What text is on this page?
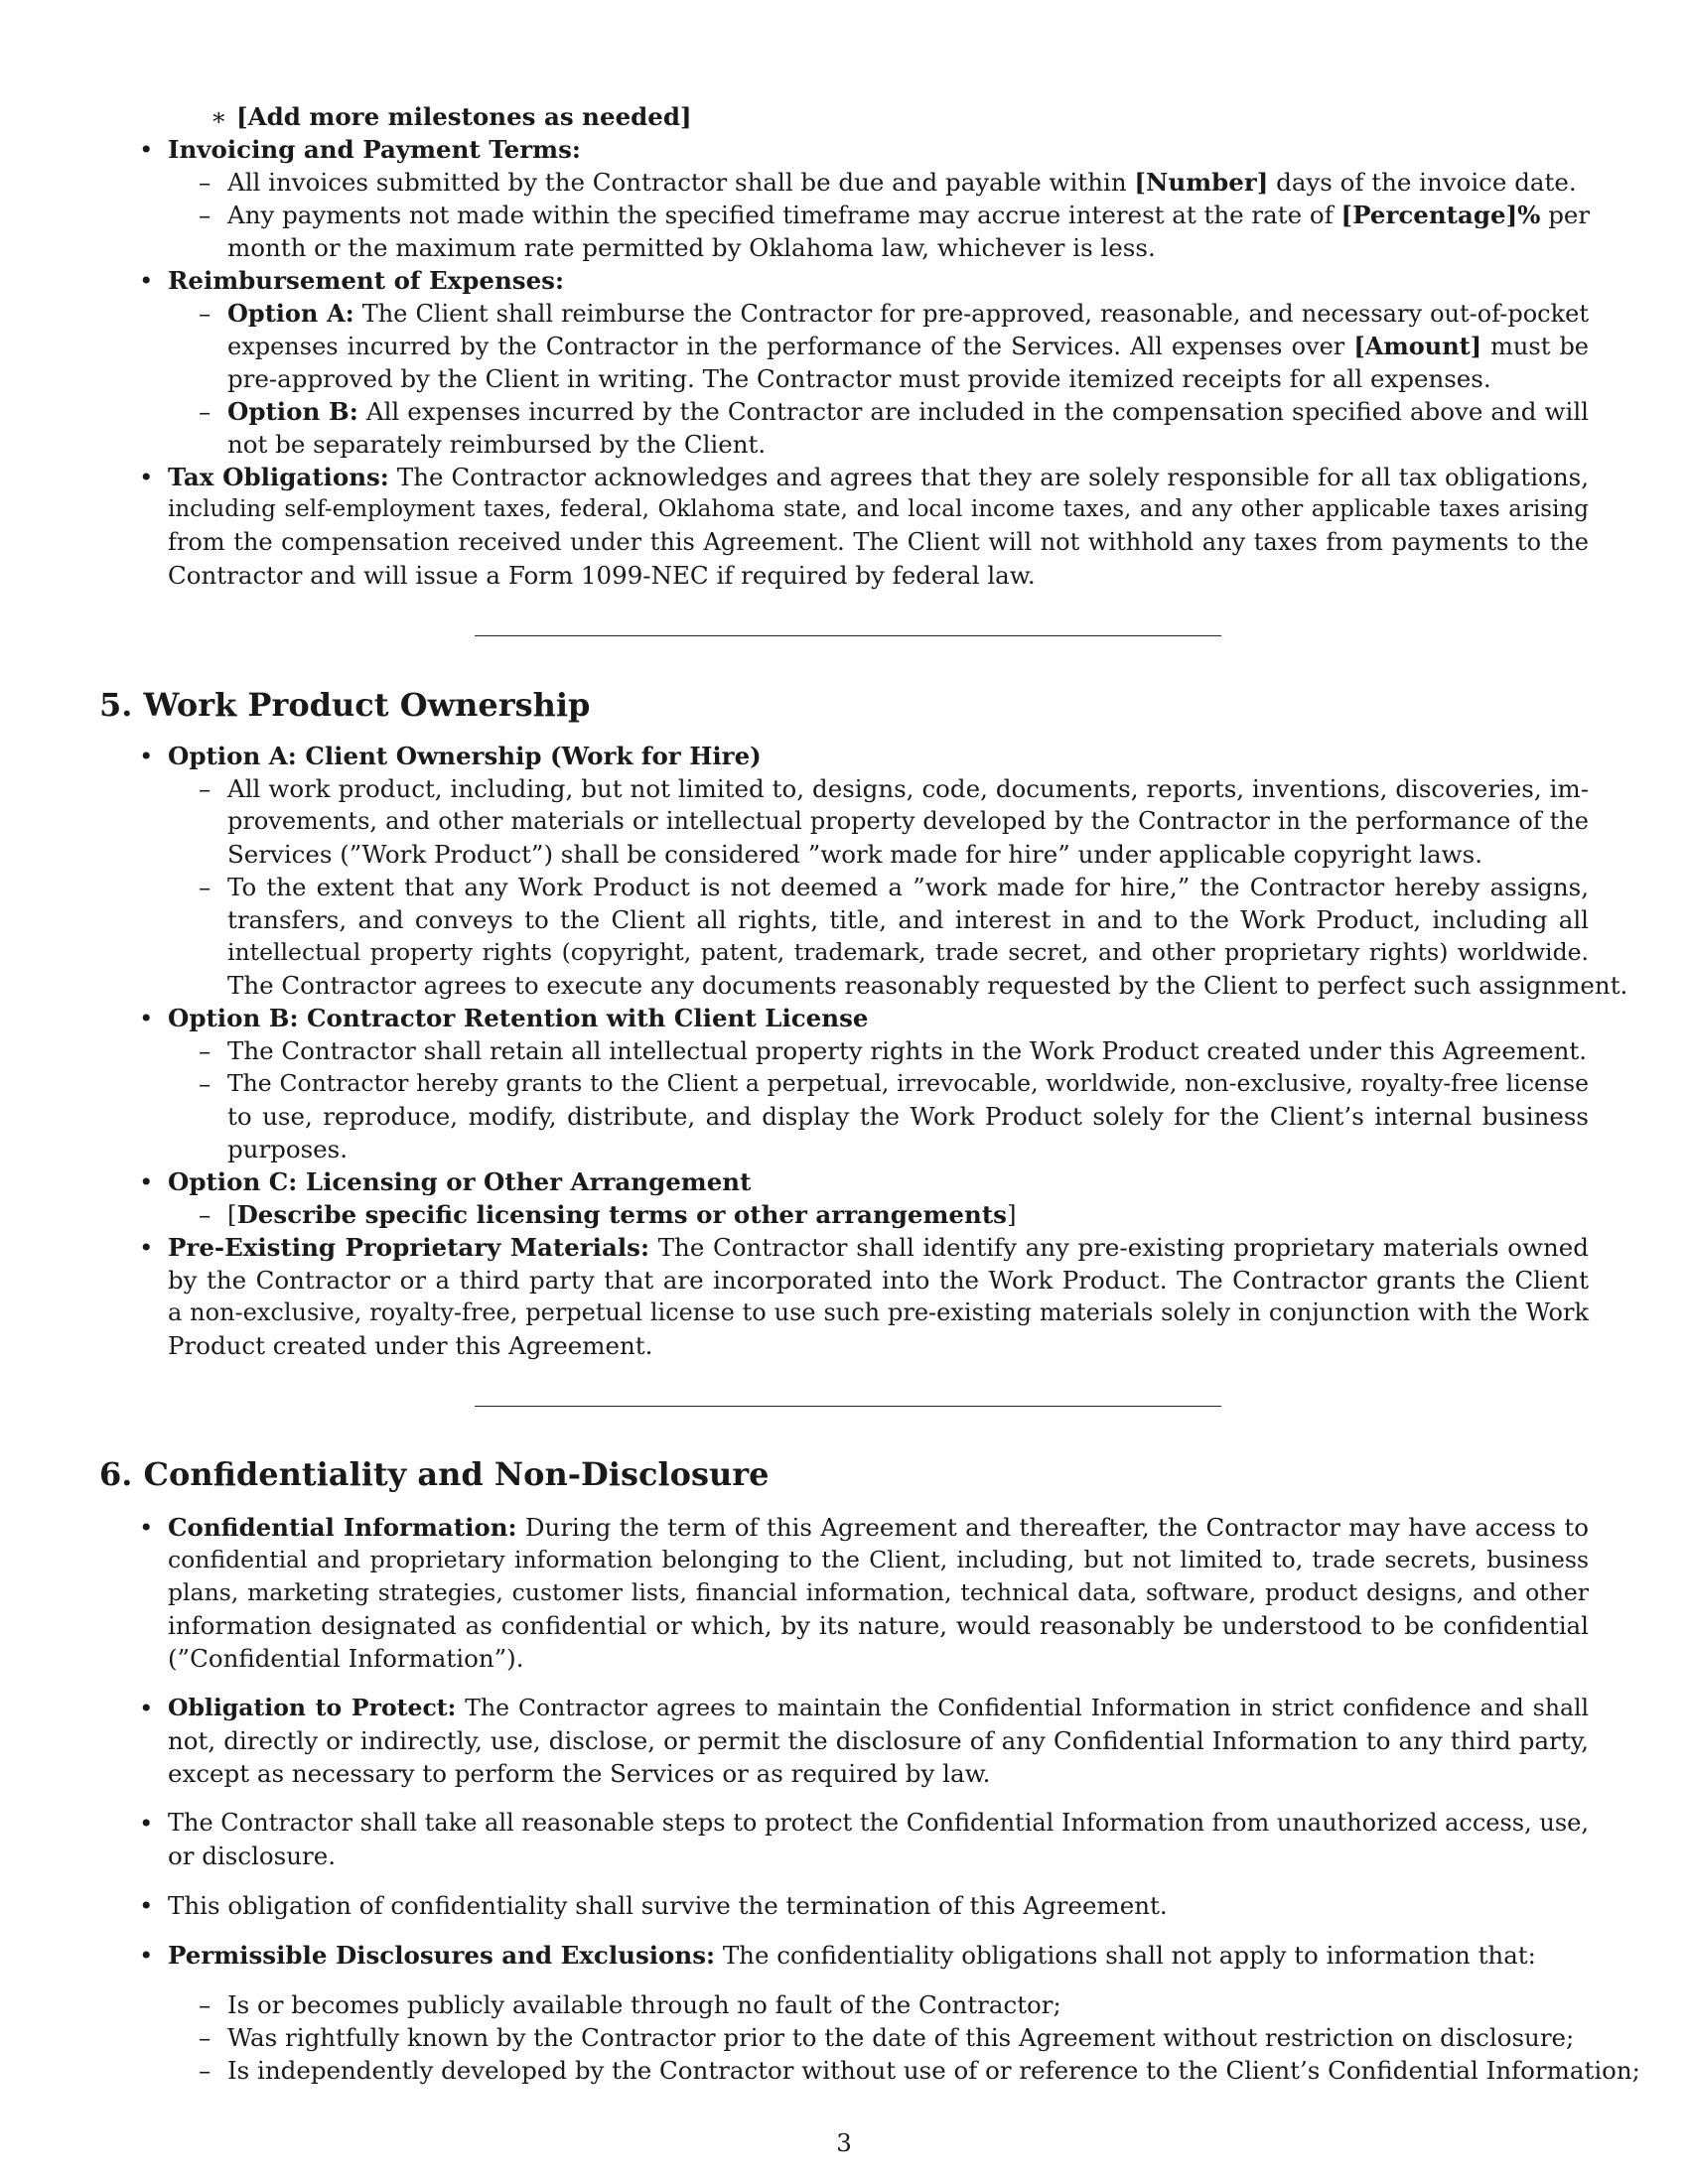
∗ [Add more milestones as needed]
• Invoicing and Payment Terms:
– All invoices submitted by the Contractor shall be due and payable within [Number] days of the invoice date.
– Any payments not made within the specified timeframe may accrue interest at the rate of [Percentage]% per
month or the maximum rate permitted by Oklahoma law, whichever is less.
• Reimbursement of Expenses:
– Option A: The Client shall reimburse the Contractor for pre-approved, reasonable, and necessary out-of-pocket
expenses incurred by the Contractor in the performance of the Services. All expenses over [Amount] must be
pre-approved by the Client in writing. The Contractor must provide itemized receipts for all expenses.
– Option B: All expenses incurred by the Contractor are included in the compensation specified above and will
not be separately reimbursed by the Client.
• Tax Obligations: The Contractor acknowledges and agrees that they are solely responsible for all tax obligations,
including self-employment taxes, federal, Oklahoma state, and local income taxes, and any other applicable taxes arising
from the compensation received under this Agreement. The Client will not withhold any taxes from payments to the
Contractor and will issue a Form 1099-NEC if required by federal law.
5. Work Product Ownership
• Option A: Client Ownership (Work for Hire)
– All work product, including, but not limited to, designs, code, documents, reports, inventions, discoveries, im-
provements, and other materials or intellectual property developed by the Contractor in the performance of the
Services (”Work Product”) shall be considered ”work made for hire” under applicable copyright laws.
– To the extent that any Work Product is not deemed a ”work made for hire,” the Contractor hereby assigns,
transfers, and conveys to the Client all rights, title, and interest in and to the Work Product, including all
intellectual property rights (copyright, patent, trademark, trade secret, and other proprietary rights) worldwide.
The Contractor agrees to execute any documents reasonably requested by the Client to perfect such assignment.
• Option B: Contractor Retention with Client License
– The Contractor shall retain all intellectual property rights in the Work Product created under this Agreement.
– The Contractor hereby grants to the Client a perpetual, irrevocable, worldwide, non-exclusive, royalty-free license
to use, reproduce, modify, distribute, and display the Work Product solely for the Client’s internal business
purposes.
• Option C: Licensing or Other Arrangement
– [Describe specific licensing terms or other arrangements]
• Pre-Existing Proprietary Materials: The Contractor shall identify any pre-existing proprietary materials owned
by the Contractor or a third party that are incorporated into the Work Product. The Contractor grants the Client
a non-exclusive, royalty-free, perpetual license to use such pre-existing materials solely in conjunction with the Work
Product created under this Agreement.
6. Confidentiality and Non-Disclosure
• Confidential Information: During the term of this Agreement and thereafter, the Contractor may have access to
confidential and proprietary information belonging to the Client, including, but not limited to, trade secrets, business
plans, marketing strategies, customer lists, financial information, technical data, software, product designs, and other
information designated as confidential or which, by its nature, would reasonably be understood to be confidential
(”Confidential Information”).
• Obligation to Protect: The Contractor agrees to maintain the Confidential Information in strict confidence and shall
not, directly or indirectly, use, disclose, or permit the disclosure of any Confidential Information to any third party,
except as necessary to perform the Services or as required by law.
• The Contractor shall take all reasonable steps to protect the Confidential Information from unauthorized access, use,
or disclosure.
• This obligation of confidentiality shall survive the termination of this Agreement.
• Permissible Disclosures and Exclusions: The confidentiality obligations shall not apply to information that:
– Is or becomes publicly available through no fault of the Contractor;
– Was rightfully known by the Contractor prior to the date of this Agreement without restriction on disclosure;
– Is independently developed by the Contractor without use of or reference to the Client’s Confidential Information;
3
